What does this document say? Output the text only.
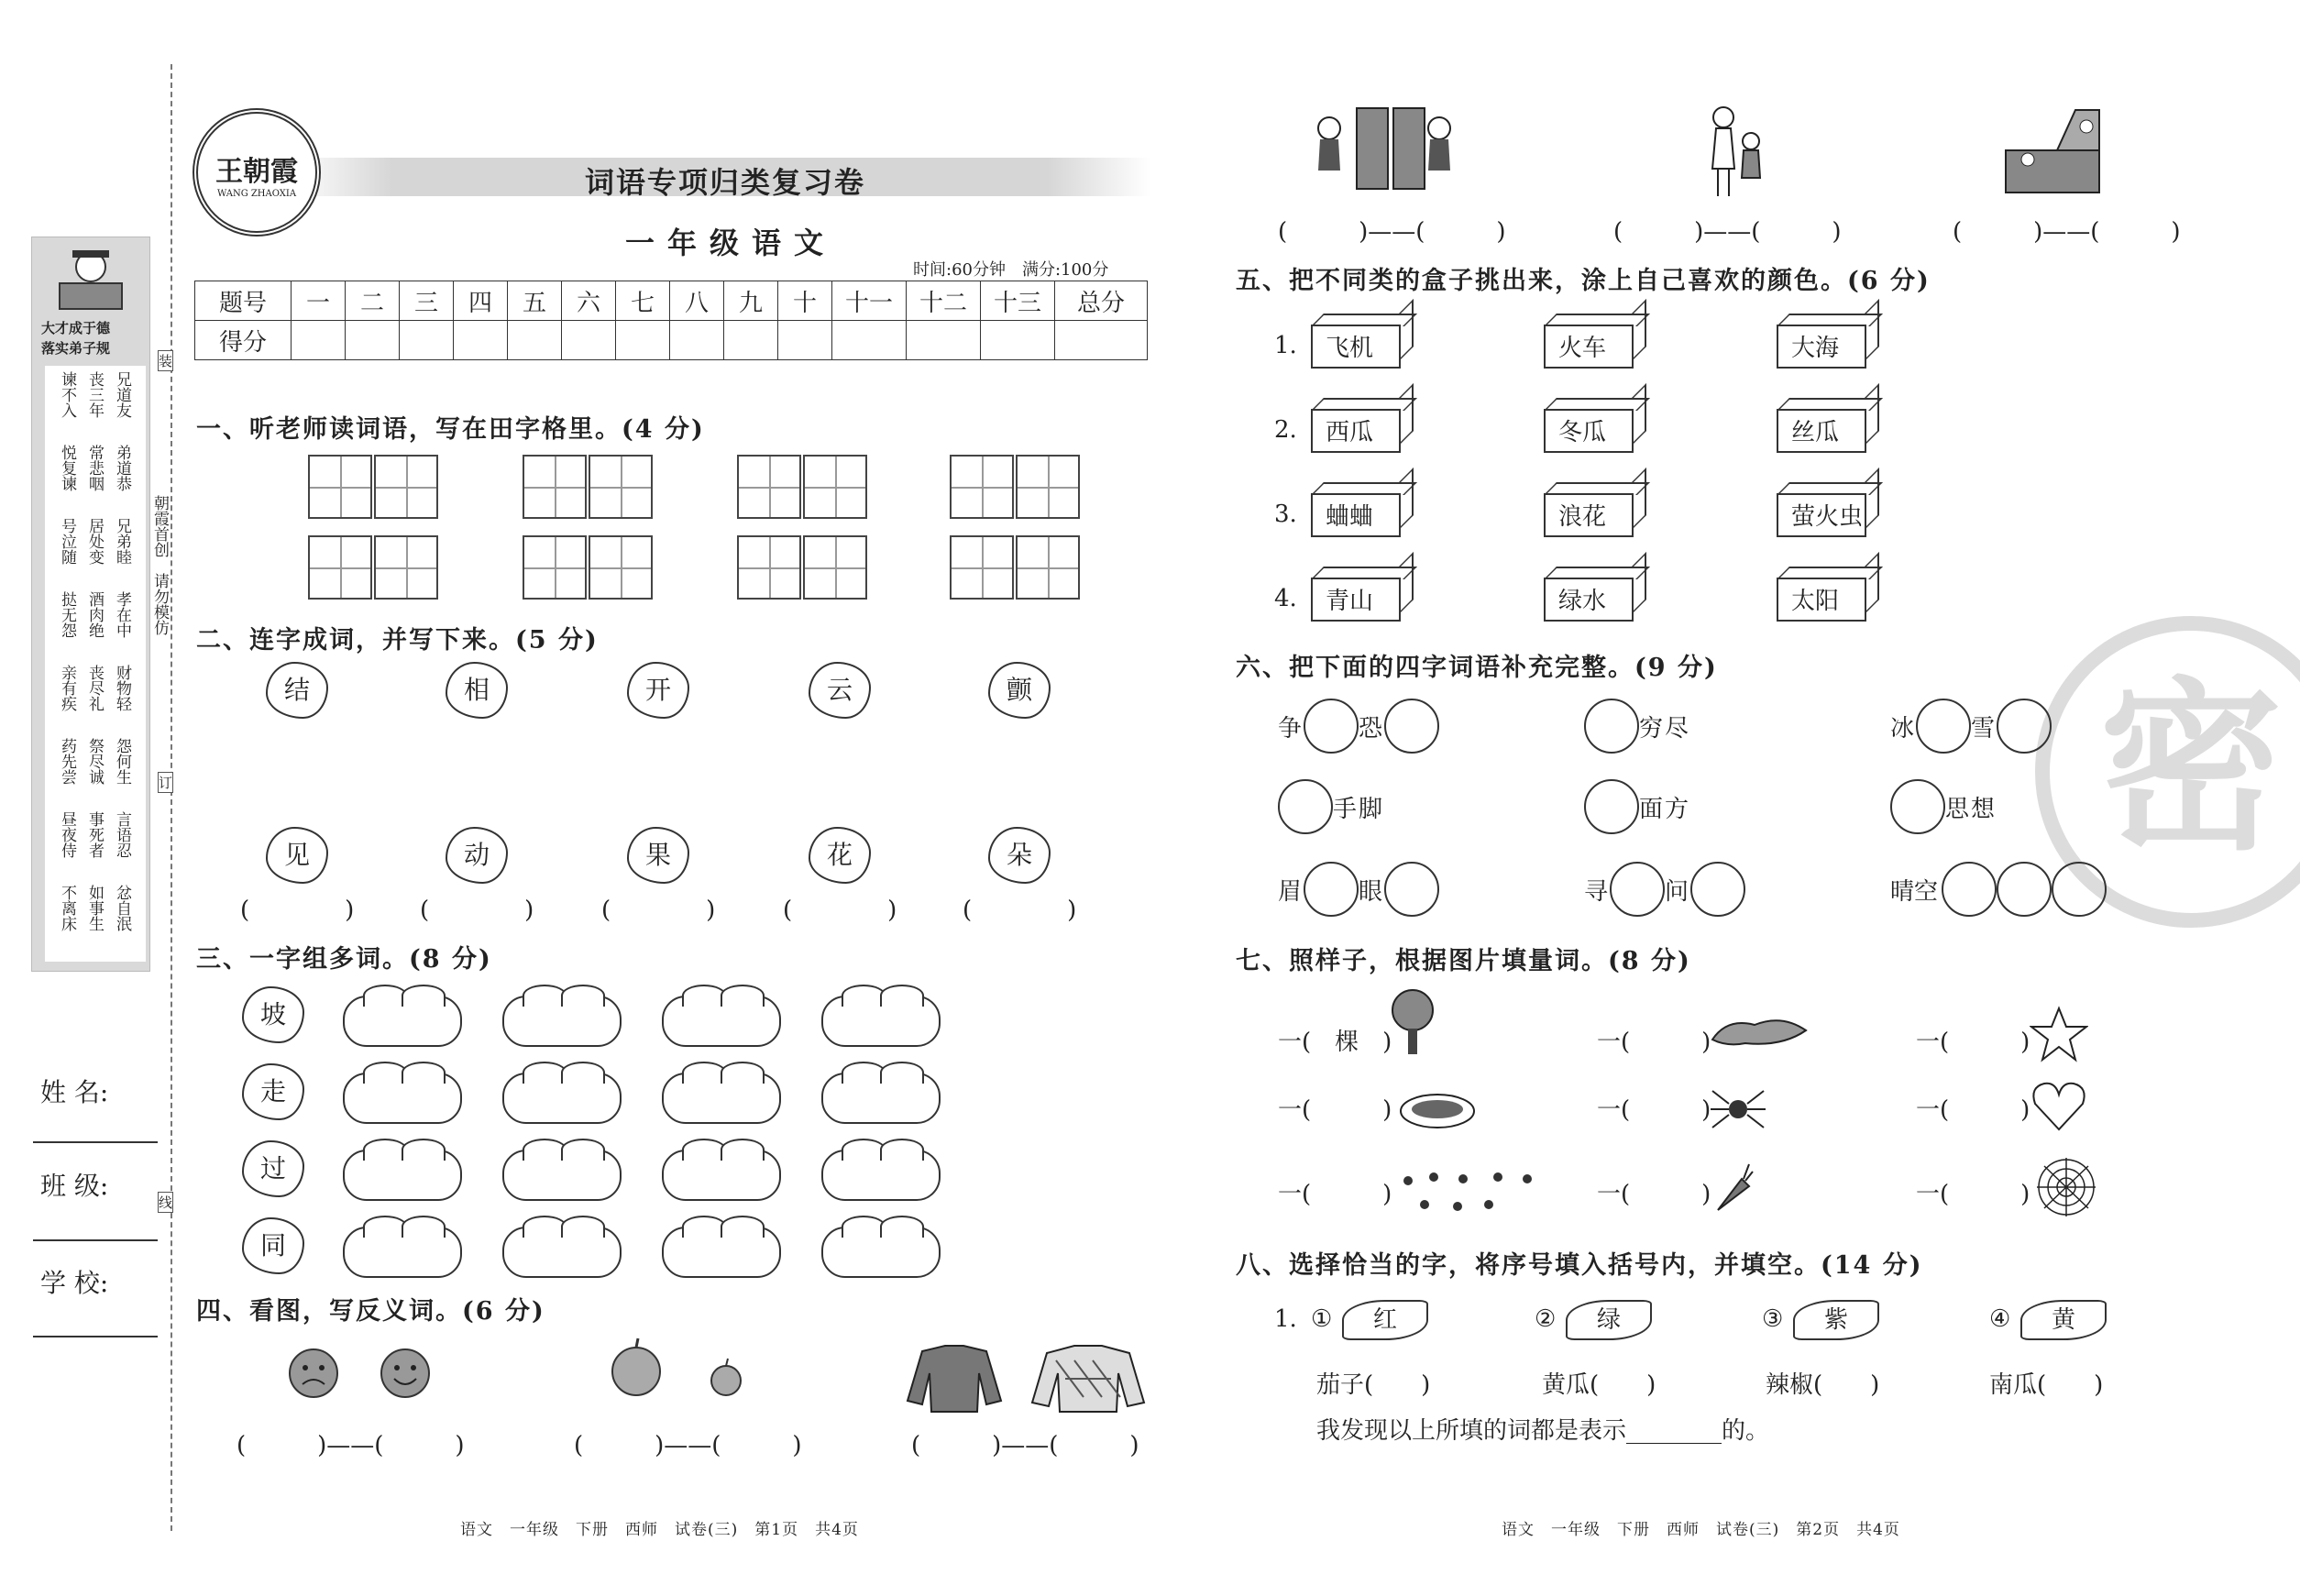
大才成于德
落实弟子规
兄道友
丧三年
谏不入
弟道恭
常悲咽
悦复谏
兄弟睦
居处变
号泣随
孝在中
酒肉绝
挞无怨
财物轻
丧尽礼
亲有疾
怨何生
祭尽诚
药先尝
言语忍
事死者
昼夜侍
忿自泯
如事生
不离床
姓 名:
班 级:
学 校:
装
订
线
朝霞首创　请勿模仿
王朝霞
WANG ZHAOXIA	词语专项归类复习卷
一年级语文
时间:60分钟　满分:100分
题号	一	二	三	四	五	六	七	八	九	十	十一	十二	十三	总分
得分														
一、听老师读词语，写在田字格里。(4 分)
二、连字成词，并写下来。(5 分)
结	相	开	云	颤
见	动	果	花	朵
(　　　　)	(　　　　)	(　　　　)	(　　　　)	(　　　　)
三、一字组多词。(8 分)
坡
走
过
同
四、看图，写反义词。(6 分)
(　　　)——(　　　)	(　　　)——(　　　)	(　　　)——(　　　)
语文　一年级　下册　西师　试卷(三)　第1页　共4页
密
(　　　)——(　　　)	(　　　)——(　　　)	(　　　)——(　　　)
五、把不同类的盒子挑出来，涂上自己喜欢的颜色。(6 分)
1.	飞机	火车	大海
2.	西瓜	冬瓜	丝瓜
3.	蛐蛐	浪花	萤火虫
4.	青山	绿水	太阳
六、把下面的四字词语补充完整。(9 分)
争 恐	穷 尽	冰 雪
手 脚	面 方	思 想
眉 眼	寻 问	晴空
七、照样子，根据图片填量词。(8 分)
一(　棵　)	一(　　　)	一(　　　)
一(　　　)	一(　　　)	一(　　　)
一(　　　)	一(　　　)	一(　　　)
八、选择恰当的字，将序号填入括号内，并填空。(14 分)
1. ①	红	②	绿	③	紫	④	黄
茄子(　　)	黄瓜(　　)	辣椒(　　)	南瓜(　　)
我发现以上所填的词都是表示________的。
语文　一年级　下册　西师　试卷(三)　第2页　共4页
